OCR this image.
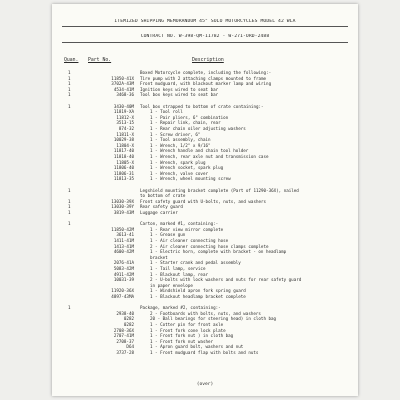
ITEMIZED SHIPPING MEMORANDUM 45" SOLO MOTORCYCLES MODEL 42 WLA
CONTRACT NO. W-398-QM-11782 - W-271-ORD-2488
Quan. Part No.	Description
1	Boxed Motorcycle complete, including the following:-
1	11850-41X Tire pump with 2 attaching clamps mounted to frame
1	3702A-43M Front mudguard, with blackout marker lamp and wiring
1	4534-41M Ignition keys wired to seat bar
1	3468-36 Tool box keys wired to seat bar
1	3430-40M Tool box strapped to bottom of crate containing:-
11819-XA	1 - Tool roll
11812-X	1 - Pair pliers, 6" combination
3513-15	1 - Repair link, chain, rear
874-32	1 - Rear chain oiler adjusting washers
11811-X	1 - Screw driver, 6"
10029-38	1 - Tool assembly, chain
11804-X	1 - Wrench, 1/2" x 9/16"
11817-40	1 - Wrench handle and chain tool holder
11818-40	1 - Wrench, rear axle nut and transmission case
11805-X	1 - Wrench, spark plug
11806-40	1 - Wrench socket, spark plug
11806-31	1 - Wrench, valve cover
11813-35	1 - Wrench, wheel mounting screw
1	Legshield mounting bracket complete (Part of 11290-36X), nailed
to bottom of crate
1	13030-39X Front safety guard with U-bolts, nuts, and washers
1	13030-39Y Rear safety guard
1	3819-43M Luggage carrier
1	Carton, marked #1, containing:-
11850-42M	1 - Rear view mirror complete
3613-41	1 - Grease gun
1411-41M	1 - Air cleaner connecting hose
1413-41M	2 - Air cleaner connecting hose clamps complete
4600-42M	1 - Electric horn, complete with bracket - on headlamp
bracket
2076-41A	1 - Starter crank and pedal assembly
5083-42M	1 - Tail lamp, service
4911-42M	1 - Blackout lamp, rear
10031-39	2 - U-bolts with lock washers and nuts for rear safety guard
in paper envelope
11920-36X	1 - Windshield apron fork spring guard
4897-43MA	1 - Blackout headlamp bracket complete
1	Package, marked #2, containing:-
2938-40	2 - Footboards with bolts, nuts, and washers
0282	20 - Ball bearings for steering head) in cloth bag
0282	1 - Cotter pin for front axle
2708-36X	1 - Front fork cone lock plate
2707-41M	1 - Front fork nut ) in cloth bag
2708-37	1 - Front fork nut washer
D64	1 - Apron guard bolt, washers and nut
3737-28	1 - Front mudguard flap with bolts and nuts
(over)
